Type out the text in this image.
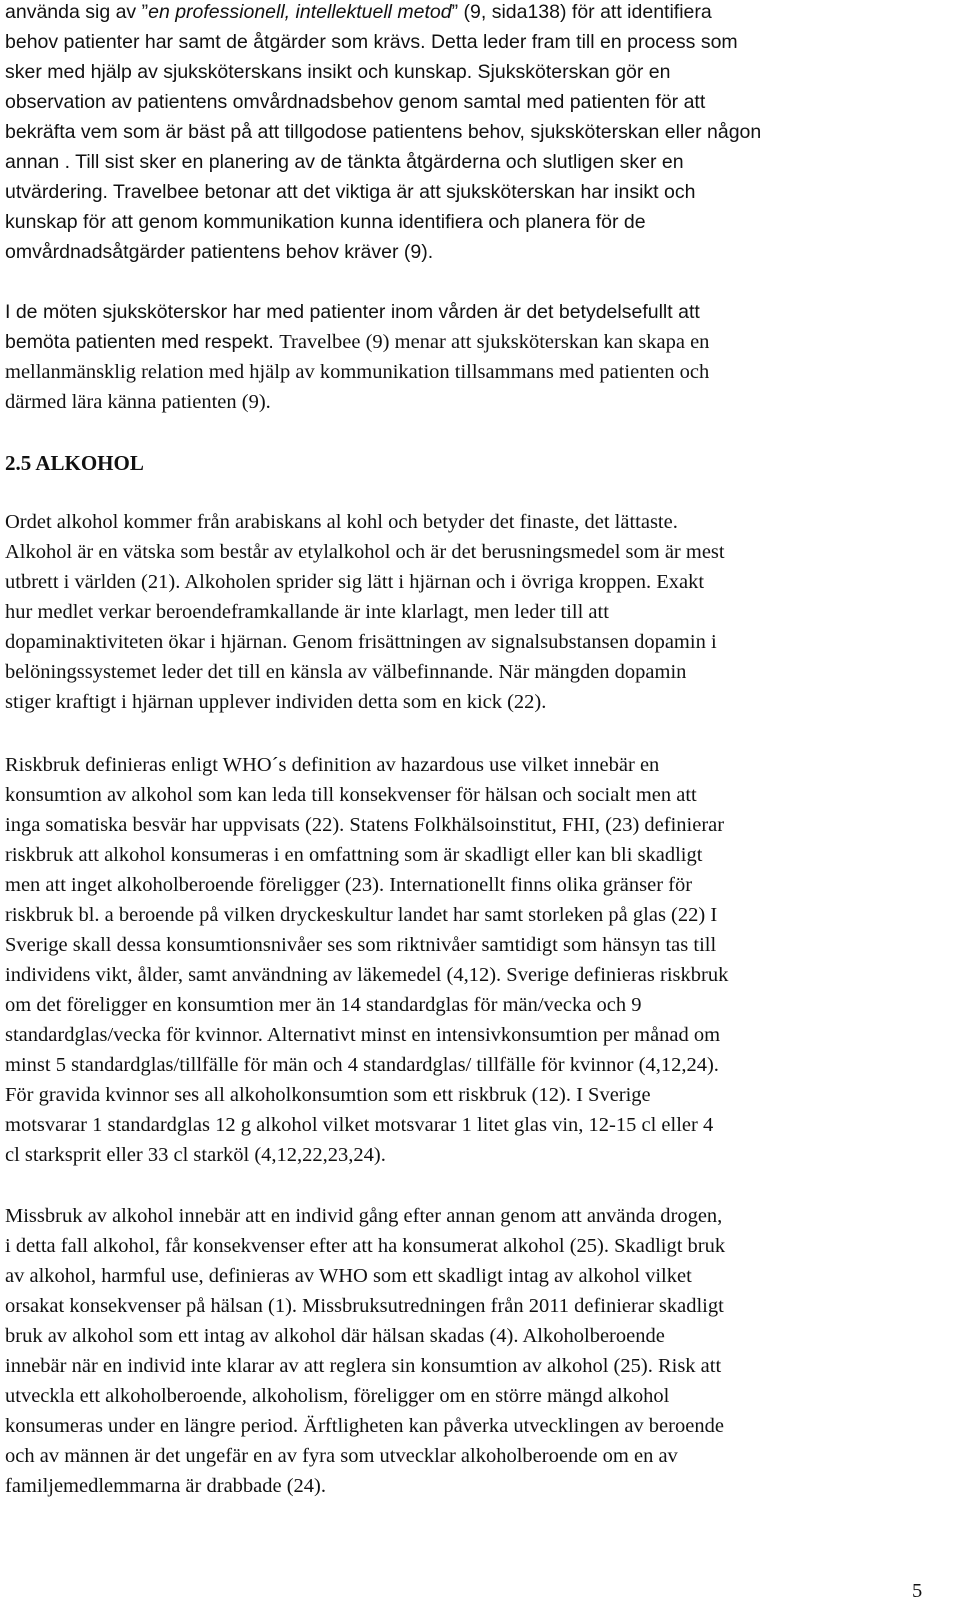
använda sig av ”en professionell, intellektuell metod” (9, sida138) för att identifiera
behov patienter har samt de åtgärder som krävs. Detta leder fram till en process som
sker med hjälp av sjuksköterskans insikt och kunskap. Sjuksköterskan gör en
observation av patientens omvårdnadsbehov genom samtal med patienten för att
bekräfta vem som är bäst på att tillgodose patientens behov, sjuksköterskan eller någon
annan . Till sist sker en planering av de tänkta åtgärderna och slutligen sker en
utvärdering. Travelbee betonar att det viktiga är att sjuksköterskan har insikt och
kunskap för att genom kommunikation kunna identifiera och planera för de
omvårdnadsåtgärder patientens behov kräver (9).
I de möten sjuksköterskor har med patienter inom vården är det betydelsefullt att
bemöta patienten med respekt. Travelbee (9) menar att sjuksköterskan kan skapa en
mellanmänsklig relation med hjälp av kommunikation tillsammans med patienten och
därmed lära känna patienten (9).
2.5 ALKOHOL
Ordet alkohol kommer från arabiskans al kohl och betyder det finaste, det lättaste.
Alkohol är en vätska som består av etylalkohol och är det berusningsmedel som är mest
utbrett i världen (21). Alkoholen sprider sig lätt i hjärnan och i övriga kroppen. Exakt
hur medlet verkar beroendeframkallande är inte klarlagt, men leder till att
dopaminaktiviteten ökar i hjärnan. Genom frisättningen av signalsubstansen dopamin i
belöningssystemet leder det till en känsla av välbefinnande. När mängden dopamin
stiger kraftigt i hjärnan upplever individen detta som en kick (22).
Riskbruk definieras enligt WHO´s definition av hazardous use vilket innebär en
konsumtion av alkohol som kan leda till konsekvenser för hälsan och socialt men att
inga somatiska besvär har uppvisats (22). Statens Folkhälsoinstitut, FHI, (23) definierar
riskbruk att alkohol konsumeras i en omfattning som är skadligt eller kan bli skadligt
men att inget alkoholberoende föreligger (23). Internationellt finns olika gränser för
riskbruk bl. a beroende på vilken dryckeskultur landet har samt storleken på glas (22) I
Sverige skall dessa konsumtionsnivåer ses som riktnivåer samtidigt som hänsyn tas till
individens vikt, ålder, samt användning av läkemedel (4,12). Sverige definieras riskbruk
om det föreligger en konsumtion mer än 14 standardglas för män/vecka och 9
standardglas/vecka för kvinnor. Alternativt minst en intensivkonsumtion per månad om
minst 5 standardglas/tillfälle för män och 4 standardglas/ tillfälle för kvinnor (4,12,24).
För gravida kvinnor ses all alkoholkonsumtion som ett riskbruk (12). I Sverige
motsvarar 1 standardglas 12 g alkohol vilket motsvarar 1 litet glas vin, 12-15 cl eller 4
cl starksprit eller 33 cl starköl (4,12,22,23,24).
Missbruk av alkohol innebär att en individ gång efter annan genom att använda drogen,
i detta fall alkohol, får konsekvenser efter att ha konsumerat alkohol (25). Skadligt bruk
av alkohol, harmful use, definieras av WHO som ett skadligt intag av alkohol vilket
orsakat konsekvenser på hälsan (1). Missbruksutredningen från 2011 definierar skadligt
bruk av alkohol som ett intag av alkohol där hälsan skadas (4). Alkoholberoende
innebär när en individ inte klarar av att reglera sin konsumtion av alkohol (25). Risk att
utveckla ett alkoholberoende, alkoholism, föreligger om en större mängd alkohol
konsumeras under en längre period. Ärftligheten kan påverka utvecklingen av beroende
och av männen är det ungefär en av fyra som utvecklar alkoholberoende om en av
familjemedlemmarna är drabbade (24).
5
